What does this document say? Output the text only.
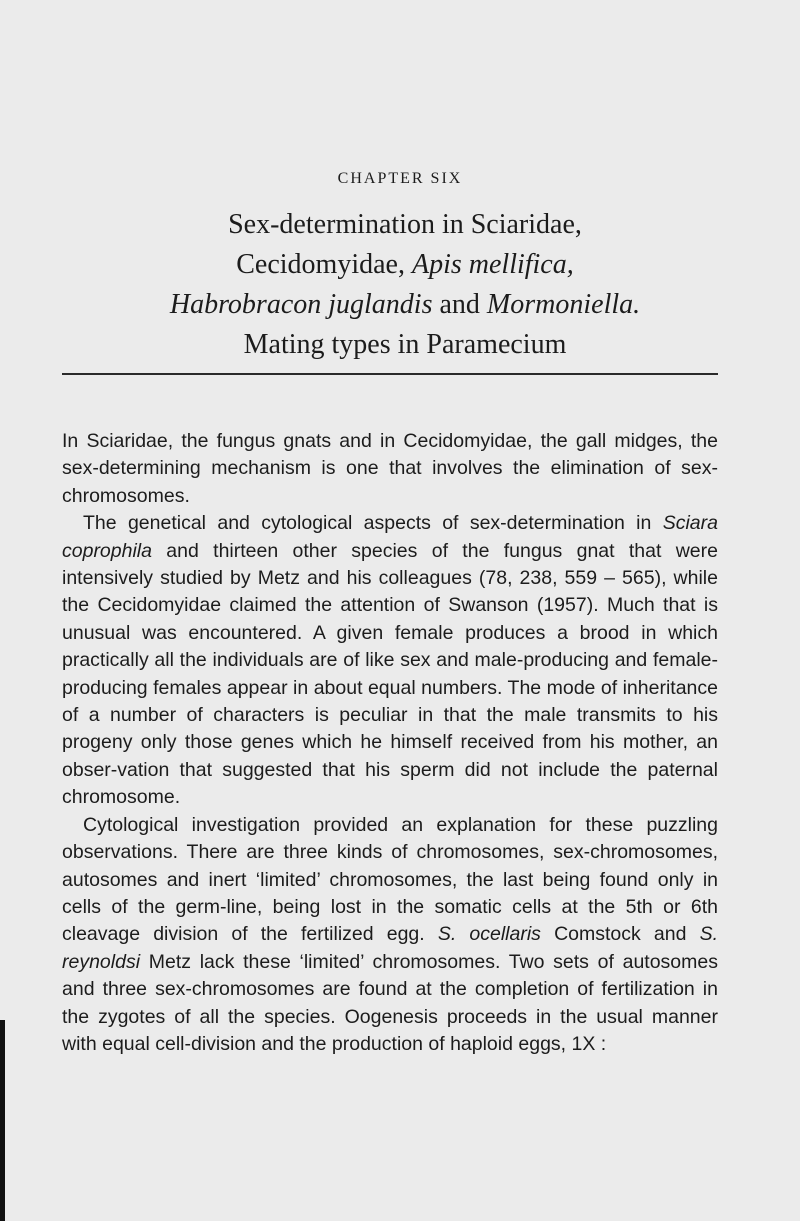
CHAPTER SIX
Sex-determination in Sciaridae,
Cecidomyidae, Apis mellifica,
Habrobracon juglandis and Mormoniella.
Mating types in Paramecium

In Sciaridae, the fungus gnats and in Cecidomyidae, the gall midges, the sex-determining mechanism is one that involves the elimination of sex-chromosomes.

The genetical and cytological aspects of sex-determination in Sciara coprophila and thirteen other species of the fungus gnat that were intensively studied by Metz and his colleagues (78, 238, 559 – 565), while the Cecidomyidae claimed the attention of Swanson (1957). Much that is unusual was encountered. A given female produces a brood in which practically all the individuals are of like sex and male-producing and female-producing females appear in about equal numbers. The mode of inheritance of a number of characters is peculiar in that the male transmits to his progeny only those genes which he himself received from his mother, an obser-vation that suggested that his sperm did not include the paternal chromosome.

Cytological investigation provided an explanation for these puzzling observations. There are three kinds of chromosomes, sex-chromosomes, autosomes and inert ‘limited’ chromosomes, the last being found only in cells of the germ-line, being lost in the somatic cells at the 5th or 6th cleavage division of the fertilized egg. S. ocellaris Comstock and S. reynoldsi Metz lack these ‘limited’ chromosomes. Two sets of autosomes and three sex-chromosomes are found at the completion of fertilization in the zygotes of all the species. Oogenesis proceeds in the usual manner with equal cell-division and the production of haploid eggs, 1X :
